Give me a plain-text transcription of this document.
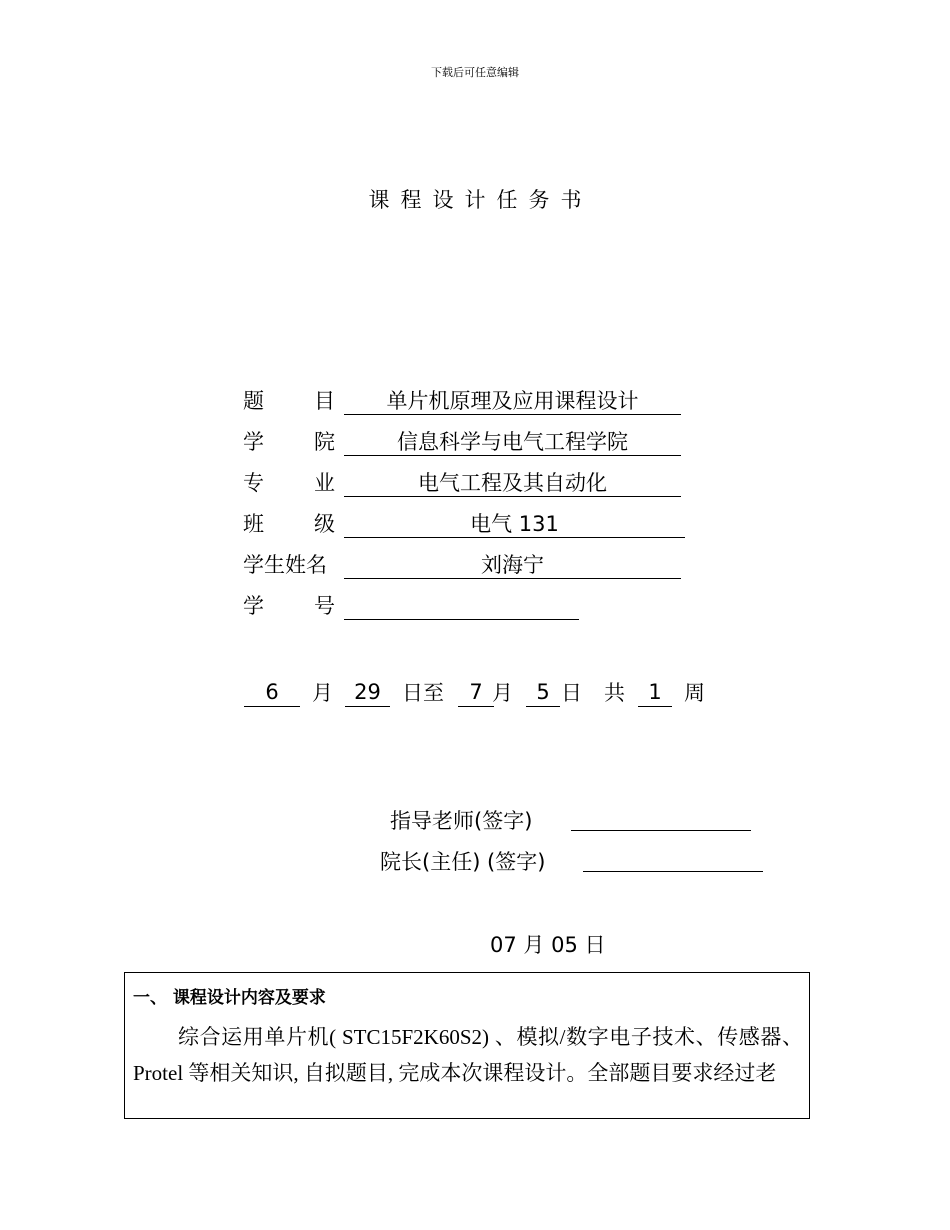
下载后可任意编辑
课程设计任务书
题 目	单片机原理及应用课程设计
学 院	信息科学与电气工程学院
专 业	电气工程及其自动化
班 级	电气 131
学生姓名	刘海宁
学 号
6	月	29	日至	7 月	5 日 共	1	周
指导老师(签字)
院长(主任) (签字)
07 月 05 日
一、 课程设计内容及要求
综合运用单片机( STC15F2K60S2) 、模拟/数字电子技术、传感器、Protel 等相关知识, 自拟题目, 完成本次课程设计。全部题目要求经过老
